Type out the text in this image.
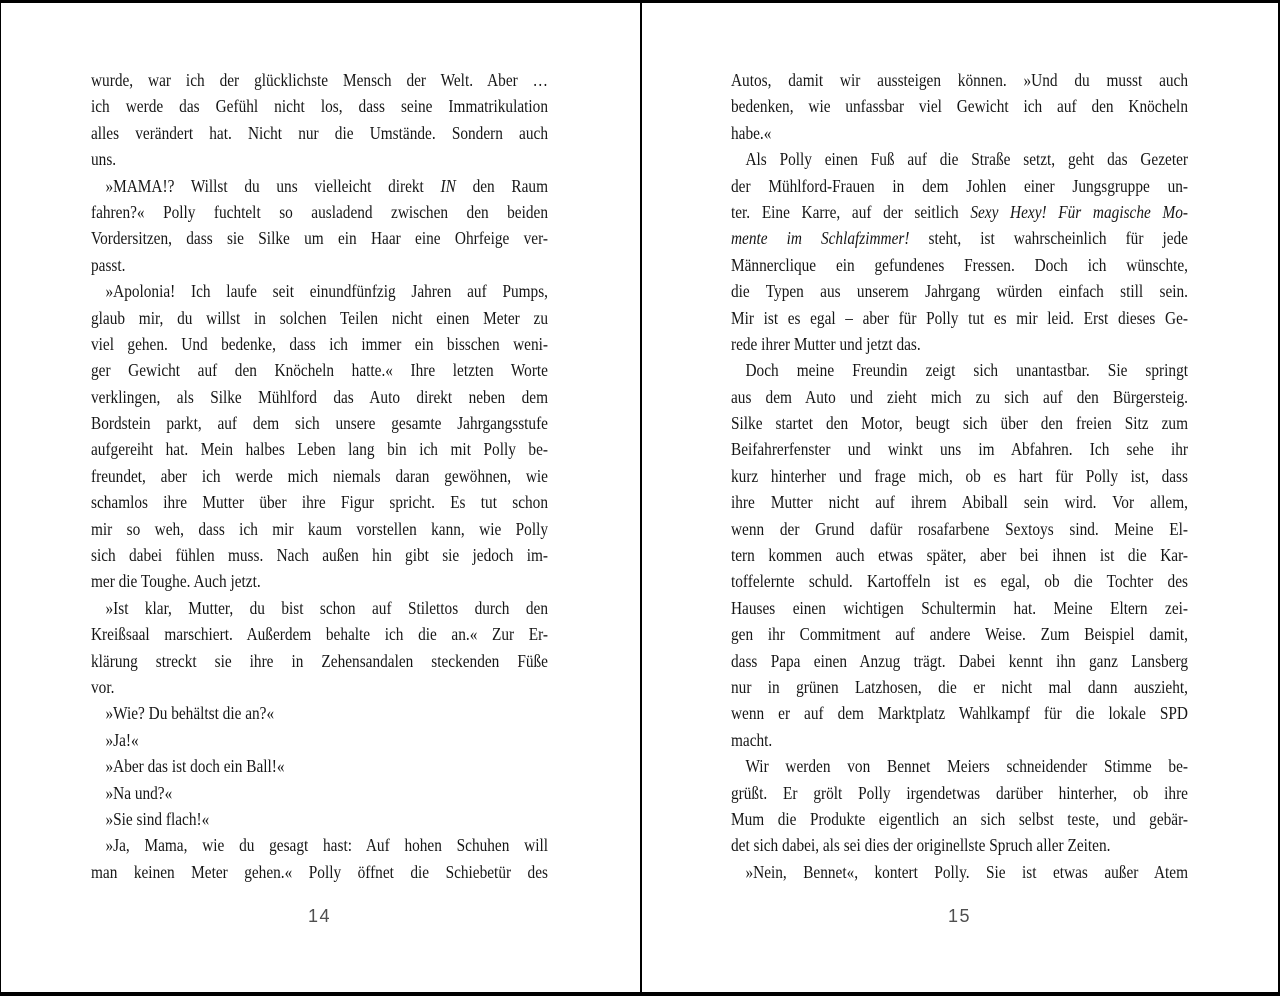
wurde, war ich der glücklichste Mensch der Welt. Aber …
ich werde das Gefühl nicht los, dass seine Immatrikulation
alles verändert hat. Nicht nur die Umstände. Sondern auch
uns.
»MAMA!? Willst du uns vielleicht direkt IN den Raum
fahren?« Polly fuchtelt so ausladend zwischen den beiden
Vordersitzen, dass sie Silke um ein Haar eine Ohrfeige ver-
passt.
»Apolonia! Ich laufe seit einundfünfzig Jahren auf Pumps,
glaub mir, du willst in solchen Teilen nicht einen Meter zu
viel gehen. Und bedenke, dass ich immer ein bisschen weni-
ger Gewicht auf den Knöcheln hatte.« Ihre letzten Worte
verklingen, als Silke Mühlford das Auto direkt neben dem
Bordstein parkt, auf dem sich unsere gesamte Jahrgangsstufe
aufgereiht hat. Mein halbes Leben lang bin ich mit Polly be-
freundet, aber ich werde mich niemals daran gewöhnen, wie
schamlos ihre Mutter über ihre Figur spricht. Es tut schon
mir so weh, dass ich mir kaum vorstellen kann, wie Polly
sich dabei fühlen muss. Nach außen hin gibt sie jedoch im-
mer die Toughe. Auch jetzt.
»Ist klar, Mutter, du bist schon auf Stilettos durch den
Kreißsaal marschiert. Außerdem behalte ich die an.« Zur Er-
klärung streckt sie ihre in Zehensandalen steckenden Füße
vor.
»Wie? Du behältst die an?«
»Ja!«
»Aber das ist doch ein Ball!«
»Na und?«
»Sie sind flach!«
»Ja, Mama, wie du gesagt hast: Auf hohen Schuhen will
man keinen Meter gehen.« Polly öffnet die Schiebetür des
14
Autos, damit wir aussteigen können. »Und du musst auch
bedenken, wie unfassbar viel Gewicht ich auf den Knöcheln
habe.«
Als Polly einen Fuß auf die Straße setzt, geht das Gezeter
der Mühlford-Frauen in dem Johlen einer Jungsgruppe un-
ter. Eine Karre, auf der seitlich Sexy Hexy! Für magische Mo-
mente im Schlafzimmer! steht, ist wahrscheinlich für jede
Männerclique ein gefundenes Fressen. Doch ich wünschte,
die Typen aus unserem Jahrgang würden einfach still sein.
Mir ist es egal – aber für Polly tut es mir leid. Erst dieses Ge-
rede ihrer Mutter und jetzt das.
Doch meine Freundin zeigt sich unantastbar. Sie springt
aus dem Auto und zieht mich zu sich auf den Bürgersteig.
Silke startet den Motor, beugt sich über den freien Sitz zum
Beifahrerfenster und winkt uns im Abfahren. Ich sehe ihr
kurz hinterher und frage mich, ob es hart für Polly ist, dass
ihre Mutter nicht auf ihrem Abiball sein wird. Vor allem,
wenn der Grund dafür rosafarbene Sextoys sind. Meine El-
tern kommen auch etwas später, aber bei ihnen ist die Kar-
toffelernte schuld. Kartoffeln ist es egal, ob die Tochter des
Hauses einen wichtigen Schultermin hat. Meine Eltern zei-
gen ihr Commitment auf andere Weise. Zum Beispiel damit,
dass Papa einen Anzug trägt. Dabei kennt ihn ganz Lansberg
nur in grünen Latzhosen, die er nicht mal dann auszieht,
wenn er auf dem Marktplatz Wahlkampf für die lokale SPD
macht.
Wir werden von Bennet Meiers schneidender Stimme be-
grüßt. Er grölt Polly irgendetwas darüber hinterher, ob ihre
Mum die Produkte eigentlich an sich selbst teste, und gebär-
det sich dabei, als sei dies der originellste Spruch aller Zeiten.
»Nein, Bennet«, kontert Polly. Sie ist etwas außer Atem
15
